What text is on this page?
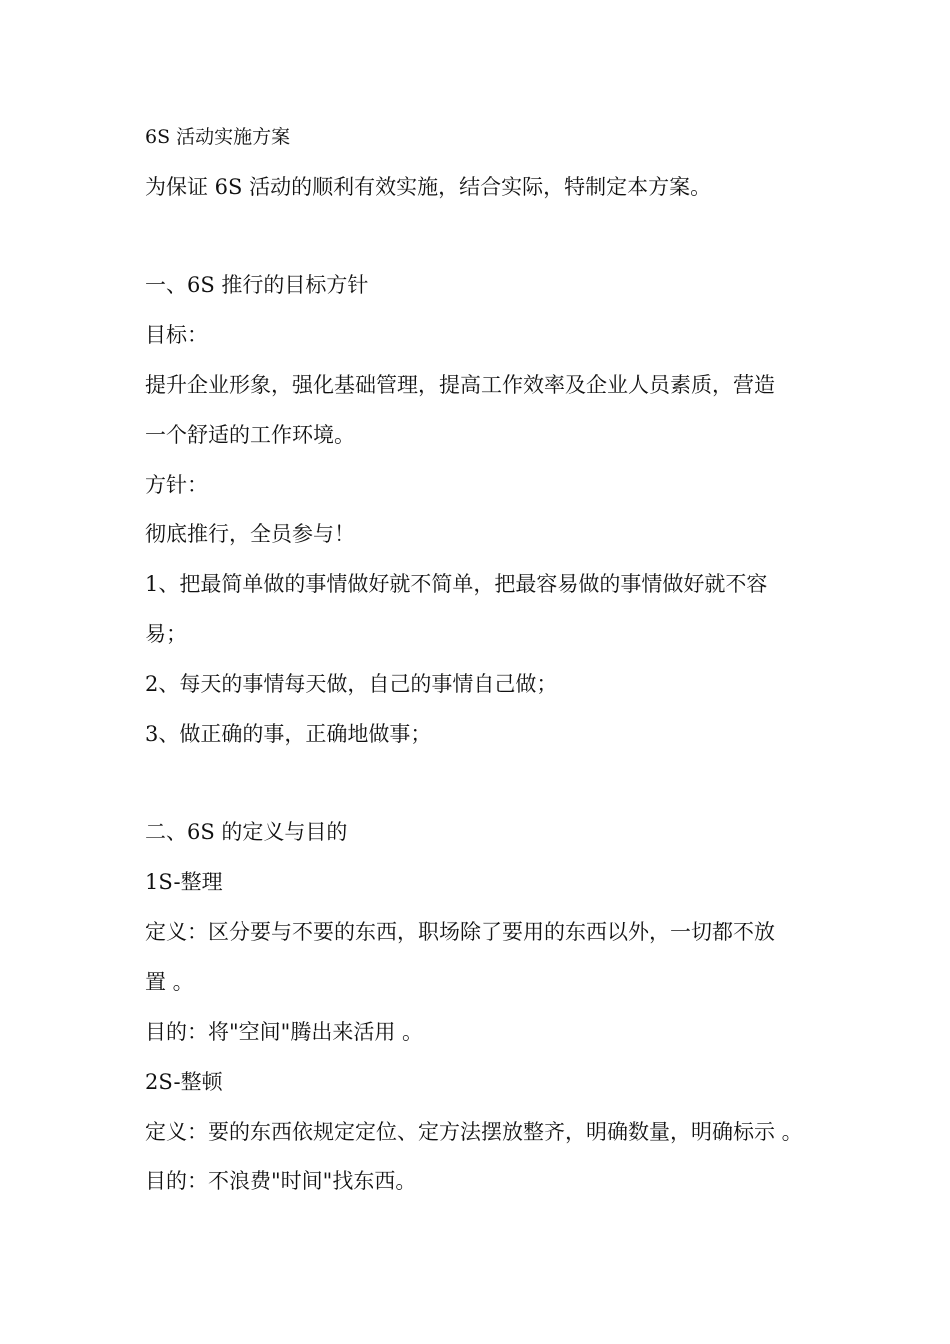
6S 活动实施方案
为保证 6S 活动的顺利有效实施，结合实际，特制定本方案。
一、6S 推行的目标方针
目标：
提升企业形象，强化基础管理，提高工作效率及企业人员素质，营造
一个舒适的工作环境。
方针：
彻底推行，全员参与！
1、把最简单做的事情做好就不简单，把最容易做的事情做好就不容
易；
2、每天的事情每天做，自己的事情自己做；
3、做正确的事，正确地做事；
二、6S 的定义与目的
1S-整理
定义：区分要与不要的东西，职场除了要用的东西以外，一切都不放
置 。
目的：将"空间"腾出来活用 。
2S-整顿
定义：要的东西依规定定位、定方法摆放整齐，明确数量，明确标示 。
目的：不浪费"时间"找东西。
